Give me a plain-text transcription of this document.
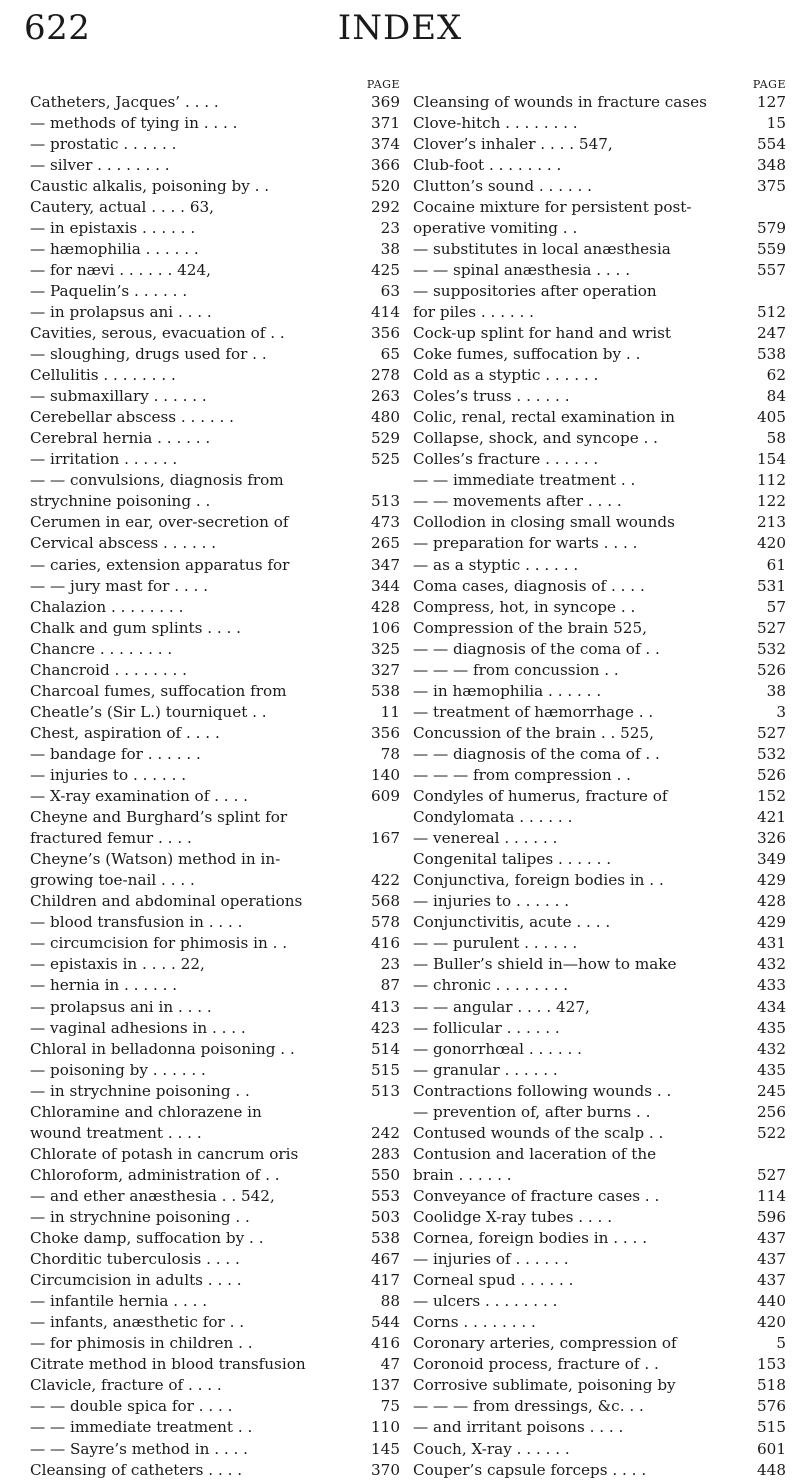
622	INDEX
PAGE
Catheters, Jacques’ . . . .	369
— methods of tying in . . . .	371
— prostatic . . . . . .	374
— silver . . . . . . . .	366
Caustic alkalis, poisoning by . .	520
Cautery, actual . . . . 63,	292
— in epistaxis . . . . . .	23
— hæmophilia . . . . . .	38
— for nævi . . . . . . 424,	425
— Paquelin’s . . . . . .	63
— in prolapsus ani . . . .	414
Cavities, serous, evacuation of . .	356
— sloughing, drugs used for . .	65
Cellulitis . . . . . . . .	278
— submaxillary . . . . . .	263
Cerebellar abscess . . . . . .	480
Cerebral hernia . . . . . .	529
— irritation . . . . . .	525
— — convulsions, diagnosis from
strychnine poisoning . .	513
Cerumen in ear, over-secretion of	473
Cervical abscess . . . . . .	265
— caries, extension apparatus for	347
— — jury mast for . . . .	344
Chalazion . . . . . . . .	428
Chalk and gum splints . . . .	106
Chancre . . . . . . . .	325
Chancroid . . . . . . . .	327
Charcoal fumes, suffocation from	538
Cheatle’s (Sir L.) tourniquet . .	11
Chest, aspiration of . . . .	356
— bandage for . . . . . .	78
— injuries to . . . . . .	140
— X-ray examination of . . . .	609
Cheyne and Burghard’s splint for
fractured femur . . . .	167
Cheyne’s (Watson) method in in-
growing toe-nail . . . .	422
Children and abdominal operations	568
— blood transfusion in . . . .	578
— circumcision for phimosis in . .	416
— epistaxis in . . . . 22,	23
— hernia in . . . . . .	87
— prolapsus ani in . . . .	413
— vaginal adhesions in . . . .	423
Chloral in belladonna poisoning . .	514
— poisoning by . . . . . .	515
— in strychnine poisoning . .	513
Chloramine and chlorazene in
wound treatment . . . .	242
Chlorate of potash in cancrum oris	283
Chloroform, administration of . .	550
— and ether anæsthesia . . 542,	553
— in strychnine poisoning . .	503
Choke damp, suffocation by . .	538
Chorditic tuberculosis . . . .	467
Circumcision in adults . . . .	417
— infantile hernia . . . .	88
— infants, anæsthetic for . .	544
— for phimosis in children . .	416
Citrate method in blood transfusion	47
Clavicle, fracture of . . . .	137
— — double spica for . . . .	75
— — immediate treatment . .	110
— — Sayre’s method in . . . .	145
Cleansing of catheters . . . .	370
PAGE
Cleansing of wounds in fracture cases	127
Clove-hitch . . . . . . . .	15
Clover’s inhaler . . . . 547,	554
Club-foot . . . . . . . .	348
Clutton’s sound . . . . . .	375
Cocaine mixture for persistent post-
operative vomiting . .	579
— substitutes in local anæsthesia	559
— — spinal anæsthesia . . . .	557
— suppositories after operation
for piles . . . . . .	512
Cock-up splint for hand and wrist	247
Coke fumes, suffocation by . .	538
Cold as a styptic . . . . . .	62
Coles’s truss . . . . . .	84
Colic, renal, rectal examination in	405
Collapse, shock, and syncope . .	58
Colles’s fracture . . . . . .	154
— — immediate treatment . .	112
— — movements after . . . .	122
Collodion in closing small wounds	213
— preparation for warts . . . .	420
— as a styptic . . . . . .	61
Coma cases, diagnosis of . . . .	531
Compress, hot, in syncope . .	57
Compression of the brain 525,	527
— — diagnosis of the coma of . .	532
— — — from concussion . .	526
— in hæmophilia . . . . . .	38
— treatment of hæmorrhage . .	3
Concussion of the brain . . 525,	527
— — diagnosis of the coma of . .	532
— — — from compression . .	526
Condyles of humerus, fracture of	152
Condylomata . . . . . .	421
— venereal . . . . . .	326
Congenital talipes . . . . . .	349
Conjunctiva, foreign bodies in . .	429
— injuries to . . . . . .	428
Conjunctivitis, acute . . . .	429
— — purulent . . . . . .	431
— Buller’s shield in—how to make	432
— chronic . . . . . . . .	433
— — angular . . . . 427,	434
— follicular . . . . . .	435
— gonorrhœal . . . . . .	432
— granular . . . . . .	435
Contractions following wounds . .	245
— prevention of, after burns . .	256
Contused wounds of the scalp . .	522
Contusion and laceration of the
brain . . . . . .	527
Conveyance of fracture cases . .	114
Coolidge X-ray tubes . . . .	596
Cornea, foreign bodies in . . . .	437
— injuries of . . . . . .	437
Corneal spud . . . . . .	437
— ulcers . . . . . . . .	440
Corns . . . . . . . .	420
Coronary arteries, compression of	5
Coronoid process, fracture of . .	153
Corrosive sublimate, poisoning by	518
— — — from dressings, &c. . .	576
— and irritant poisons . . . .	515
Couch, X-ray . . . . . .	601
Couper’s capsule forceps . . . .	448
